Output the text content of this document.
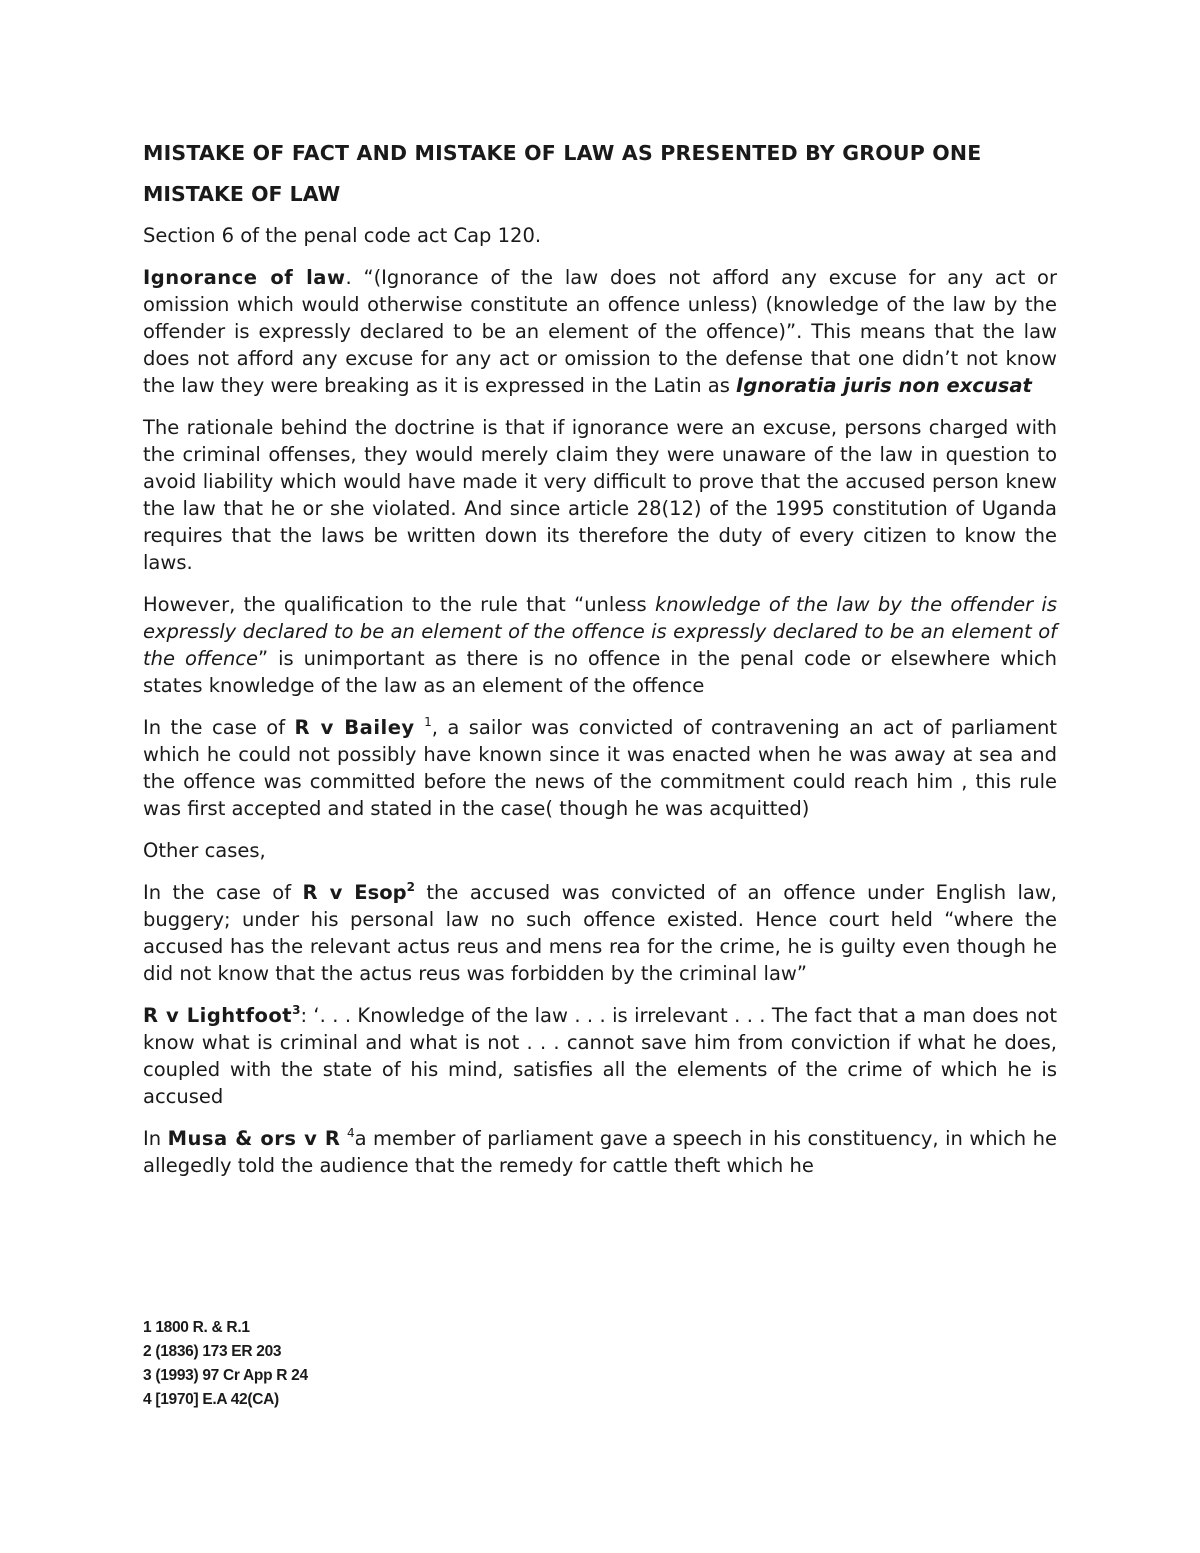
MISTAKE OF FACT AND MISTAKE OF LAW AS PRESENTED BY GROUP ONE
MISTAKE OF LAW

Section 6 of the penal code act Cap 120.

Ignorance of law. “(Ignorance of the law does not afford any excuse for any act or omission which would otherwise constitute an offence unless) (knowledge of the law by the offender is expressly declared to be an element of the offence)”. This means that the law does not afford any excuse for any act or omission to the defense that one didn’t not know the law they were breaking as it is expressed in the Latin as Ignoratia juris non excusat

The rationale behind the doctrine is that if ignorance were an excuse, persons charged with the criminal offenses, they would merely claim they were unaware of the law in question to avoid liability which would have made it very difficult to prove that the accused person knew the law that he or she violated. And since article 28(12) of the 1995 constitution of Uganda requires that the laws be written down its therefore the duty of every citizen to know the laws.

However, the qualification to the rule that “unless knowledge of the law by the offender is expressly declared to be an element of the offence is expressly declared to be an element of the offence” is unimportant as there is no offence in the penal code or elsewhere which states knowledge of the law as an element of the offence

In the case of R v Bailey $^1$, a sailor was convicted of contravening an act of parliament which he could not possibly have known since it was enacted when he was away at sea and the offence was committed before the news of the commitment could reach him , this rule was first accepted and stated in the case( though he was acquitted)

Other cases,

In the case of R v Esop$^2$ the accused was convicted of an offence under English law, buggery; under his personal law no such offence existed. Hence court held “where the accused has the relevant actus reus and mens rea for the crime, he is guilty even though he did not know that the actus reus was forbidden by the criminal law”

R v Lightfoot$^3$: ‘. . . Knowledge of the law . . . is irrelevant . . . The fact that a man does not know what is criminal and what is not . . . cannot save him from conviction if what he does, coupled with the state of his mind, satisfies all the elements of the crime of which he is accused

In Musa & ors v R $^4$a member of parliament gave a speech in his constituency, in which he allegedly told the audience that the remedy for cattle theft which he

1 1800 R. & R.1
2 (1836) 173 ER 203
3 (1993) 97 Cr App R 24
4 [1970] E.A 42(CA)
